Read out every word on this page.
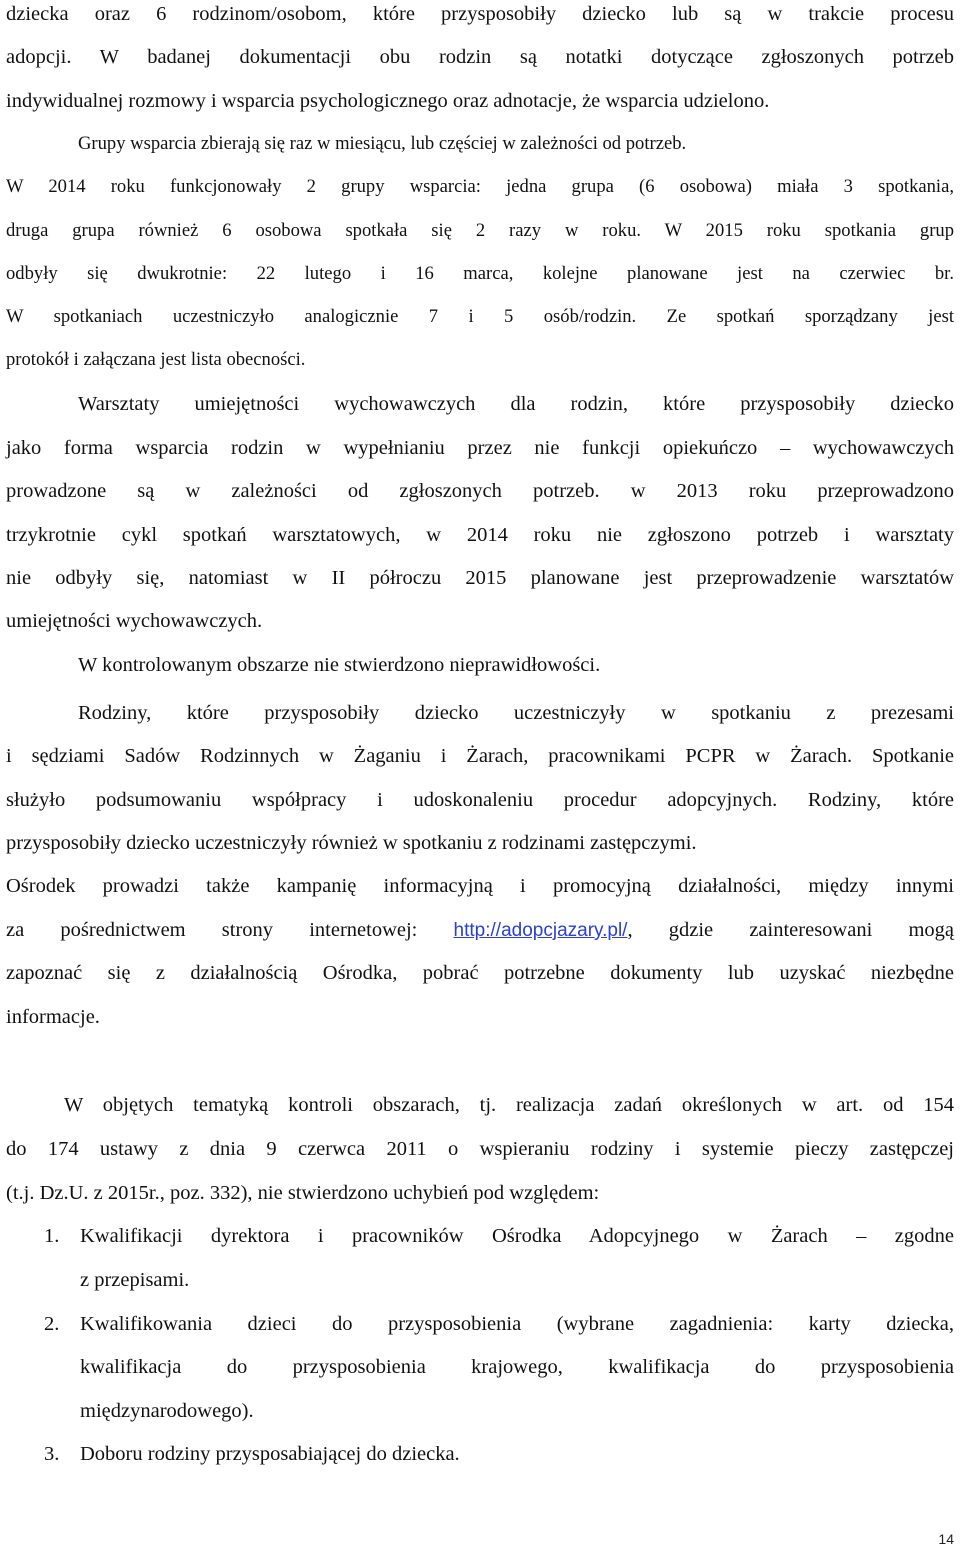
dziecka oraz 6 rodzinom/osobom, które przysposobiły dziecko lub są w trakcie procesu

adopcji. W badanej dokumentacji obu rodzin są notatki dotyczące zgłoszonych potrzeb

indywidualnej rozmowy i wsparcia psychologicznego oraz adnotacje, że wsparcia udzielono.

Grupy wsparcia zbierają się raz w miesiącu, lub częściej w zależności od potrzeb.

W 2014 roku funkcjonowały 2 grupy wsparcia: jedna grupa (6 osobowa) miała 3 spotkania,

druga grupa również 6 osobowa spotkała się 2 razy w roku. W 2015 roku spotkania grup

odbyły się dwukrotnie: 22 lutego i 16 marca, kolejne planowane jest na czerwiec br.

W spotkaniach uczestniczyło analogicznie 7 i 5 osób/rodzin. Ze spotkań sporządzany jest

protokół i załączana jest lista obecności.

Warsztaty umiejętności wychowawczych dla rodzin, które przysposobiły dziecko

jako forma wsparcia rodzin w wypełnianiu przez nie funkcji opiekuńczo – wychowawczych

prowadzone są w zależności od zgłoszonych potrzeb. w 2013 roku przeprowadzono

trzykrotnie cykl spotkań warsztatowych, w 2014 roku nie zgłoszono potrzeb i warsztaty

nie odbyły się, natomiast w II półroczu 2015 planowane jest przeprowadzenie warsztatów

umiejętności wychowawczych.

W kontrolowanym obszarze nie stwierdzono nieprawidłowości.

Rodziny, które przysposobiły dziecko uczestniczyły w spotkaniu z prezesami

i sędziami Sadów Rodzinnych w Żaganiu i Żarach, pracownikami PCPR w Żarach. Spotkanie

służyło podsumowaniu współpracy i udoskonaleniu procedur adopcyjnych. Rodziny, które

przysposobiły dziecko uczestniczyły również w spotkaniu z rodzinami zastępczymi.

Ośrodek prowadzi także kampanię informacyjną i promocyjną działalności, między innymi

za pośrednictwem strony internetowej: http://adopcjazary.pl/, gdzie zainteresowani mogą

zapoznać się z działalnością Ośrodka, pobrać potrzebne dokumenty lub uzyskać niezbędne

informacje.

W objętych tematyką kontroli obszarach, tj. realizacja zadań określonych w art. od 154

do 174 ustawy z dnia 9 czerwca 2011 o wspieraniu rodziny i systemie pieczy zastępczej

(t.j. Dz.U. z 2015r., poz. 332), nie stwierdzono uchybień pod względem:

1. Kwalifikacji dyrektora i pracowników Ośrodka Adopcyjnego w Żarach – zgodne

z przepisami.

2. Kwalifikowania dzieci do przysposobienia (wybrane zagadnienia: karty dziecka,

kwalifikacja do przysposobienia krajowego, kwalifikacja do przysposobienia

międzynarodowego).

3. Doboru rodziny przysposabiającej do dziecka.

14
